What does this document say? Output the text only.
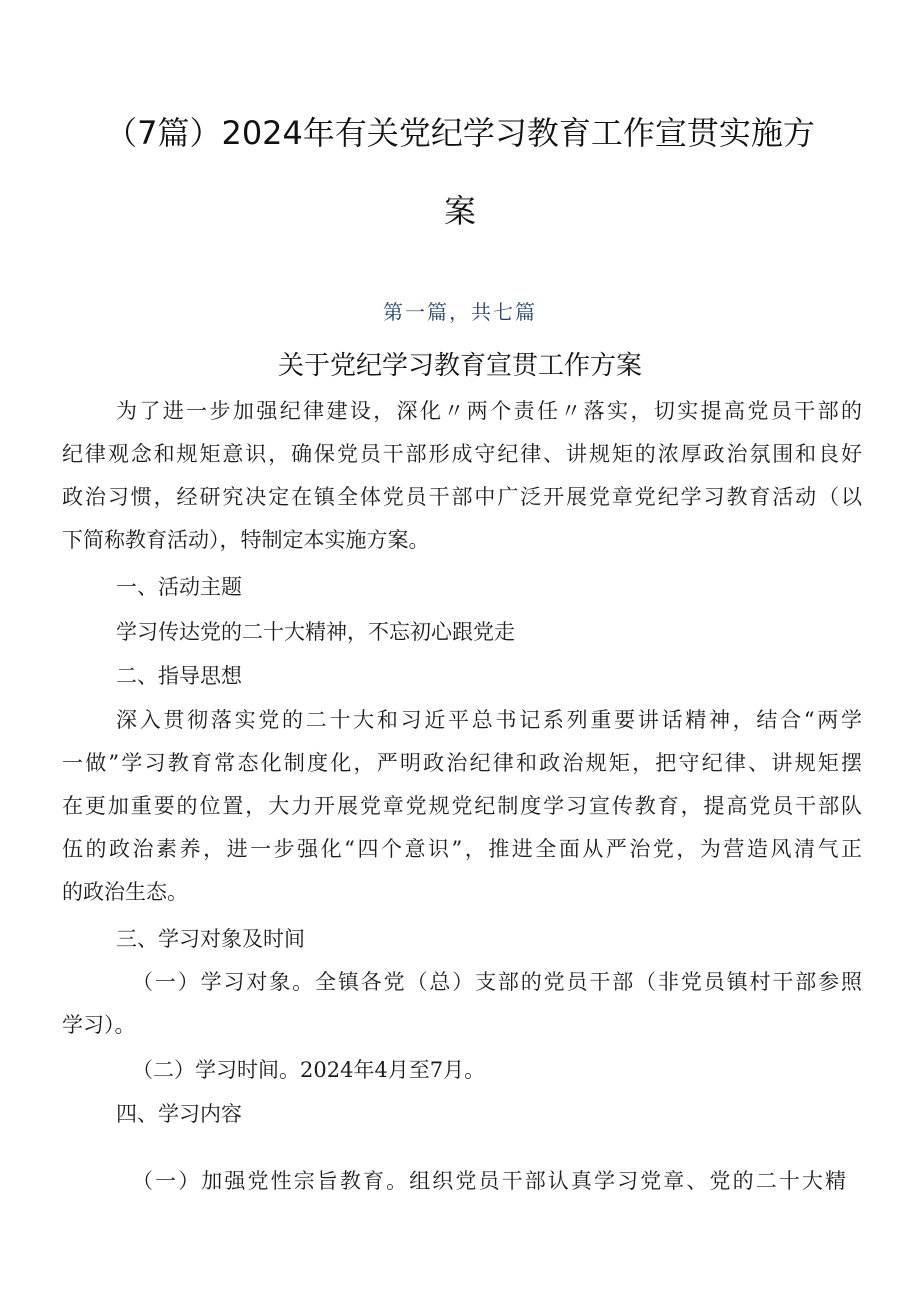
（7篇）2024年有关党纪学习教育工作宣贯实施方
案
第一篇，共七篇
关于党纪学习教育宣贯工作方案
为了进一步加强纪律建设，深化〃两个责任〃落实，切实提高党员干部的
纪律观念和规矩意识，确保党员干部形成守纪律、讲规矩的浓厚政治氛围和良好
政治习惯，经研究决定在镇全体党员干部中广泛开展党章党纪学习教育活动（以
下简称教育活动），特制定本实施方案。
一、活动主题
学习传达党的二十大精神，不忘初心跟党走
二、指导思想
深入贯彻落实党的二十大和习近平总书记系列重要讲话精神，结合“两学
一做”学习教育常态化制度化，严明政治纪律和政治规矩，把守纪律、讲规矩摆
在更加重要的位置，大力开展党章党规党纪制度学习宣传教育，提高党员干部队
伍的政治素养，进一步强化“四个意识”，推进全面从严治党，为营造风清气正
的政治生态。
三、学习对象及时间
（一）学习对象。全镇各党（总）支部的党员干部（非党员镇村干部参照
学习）。
（二）学习时间。2024年4月至7月。
四、学习内容
（一）加强党性宗旨教育。组织党员干部认真学习党章、党的二十大精
